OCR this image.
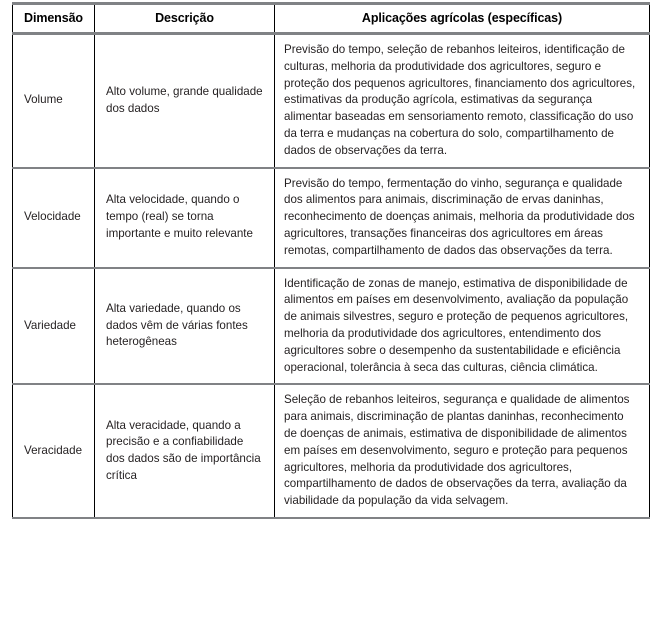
Dimensão	Descrição	Aplicações agrícolas (específicas)
Volume	Alto volume, grande qualidade dos dados	Previsão do tempo, seleção de rebanhos leiteiros, identificação de culturas, melhoria da produtividade dos agricultores, seguro e proteção dos pequenos agricultores, financiamento dos agricultores, estimativas da produção agrícola, estimativas da segurança alimentar baseadas em sensoriamento remoto, classificação do uso da terra e mudanças na cobertura do solo, compartilhamento de dados de observações da terra.
Velocidade	Alta velocidade, quando o tempo (real) se torna importante e muito relevante	Previsão do tempo, fermentação do vinho, segurança e qualidade dos alimentos para animais, discriminação de ervas daninhas, reconhecimento de doenças animais, melhoria da produtividade dos agricultores, transações financeiras dos agricultores em áreas remotas, compartilhamento de dados das observações da terra.
Variedade	Alta variedade, quando os dados vêm de várias fontes heterogêneas	Identificação de zonas de manejo, estimativa de disponibilidade de alimentos em países em desenvolvimento, avaliação da população de animais silvestres, seguro e proteção de pequenos agricultores, melhoria da produtividade dos agricultores, entendimento dos agricultores sobre o desempenho da sustentabilidade e eficiência operacional, tolerância à seca das culturas, ciência climática.
Veracidade	Alta veracidade, quando a precisão e a confiabilidade dos dados são de importância crítica	Seleção de rebanhos leiteiros, segurança e qualidade de alimentos para animais, discriminação de plantas daninhas, reconhecimento de doenças de animais, estimativa de disponibilidade de alimentos em países em desenvolvimento, seguro e proteção para pequenos agricultores, melhoria da produtividade dos agricultores, compartilhamento de dados de observações da terra, avaliação da viabilidade da população da vida selvagem.
